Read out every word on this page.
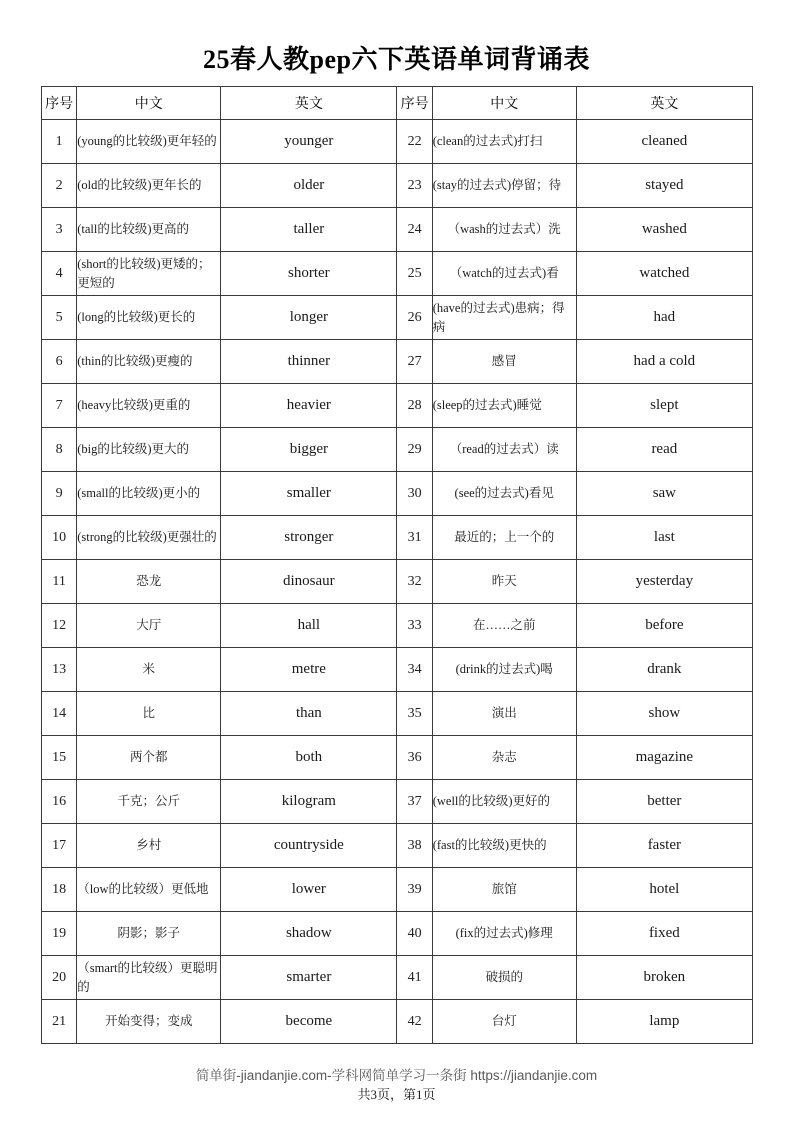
25春人教pep六下英语单词背诵表
序号	中文	英文	序号	中文	英文
1	(young的比较级)更年轻的	younger	22	(clean的过去式)打扫	cleaned
2	(old的比较级)更年长的	older	23	(stay的过去式)停留；待	stayed
3	(tall的比较级)更高的	taller	24	（wash的过去式）洗	washed
4	(short的比较级)更矮的；更短的	shorter	25	（watch的过去式)看	watched
5	(long的比较级)更长的	longer	26	(have的过去式)患病；得病	had
6	(thin的比较级)更瘦的	thinner	27	感冒	had a cold
7	(heavy比较级)更重的	heavier	28	(sleep的过去式)睡觉	slept
8	(big的比较级)更大的	bigger	29	（read的过去式）读	read
9	(small的比较级)更小的	smaller	30	(see的过去式)看见	saw
10	(strong的比较级)更强壮的	stronger	31	最近的；上一个的	last
11	恐龙	dinosaur	32	昨天	yesterday
12	大厅	hall	33	在……之前	before
13	米	metre	34	(drink的过去式)喝	drank
14	比	than	35	演出	show
15	两个都	both	36	杂志	magazine
16	千克；公斤	kilogram	37	(well的比较级)更好的	better
17	乡村	countryside	38	(fast的比较级)更快的	faster
18	（low的比较级）更低地	lower	39	旅馆	hotel
19	阴影；影子	shadow	40	(fix的过去式)修理	fixed
20	（smart的比较级）更聪明的	smarter	41	破损的	broken
21	开始变得；变成	become	42	台灯	lamp
简单街-jiandanjie.com-学科网简单学习一条街 https://jiandanjie.com
共3页，第1页
